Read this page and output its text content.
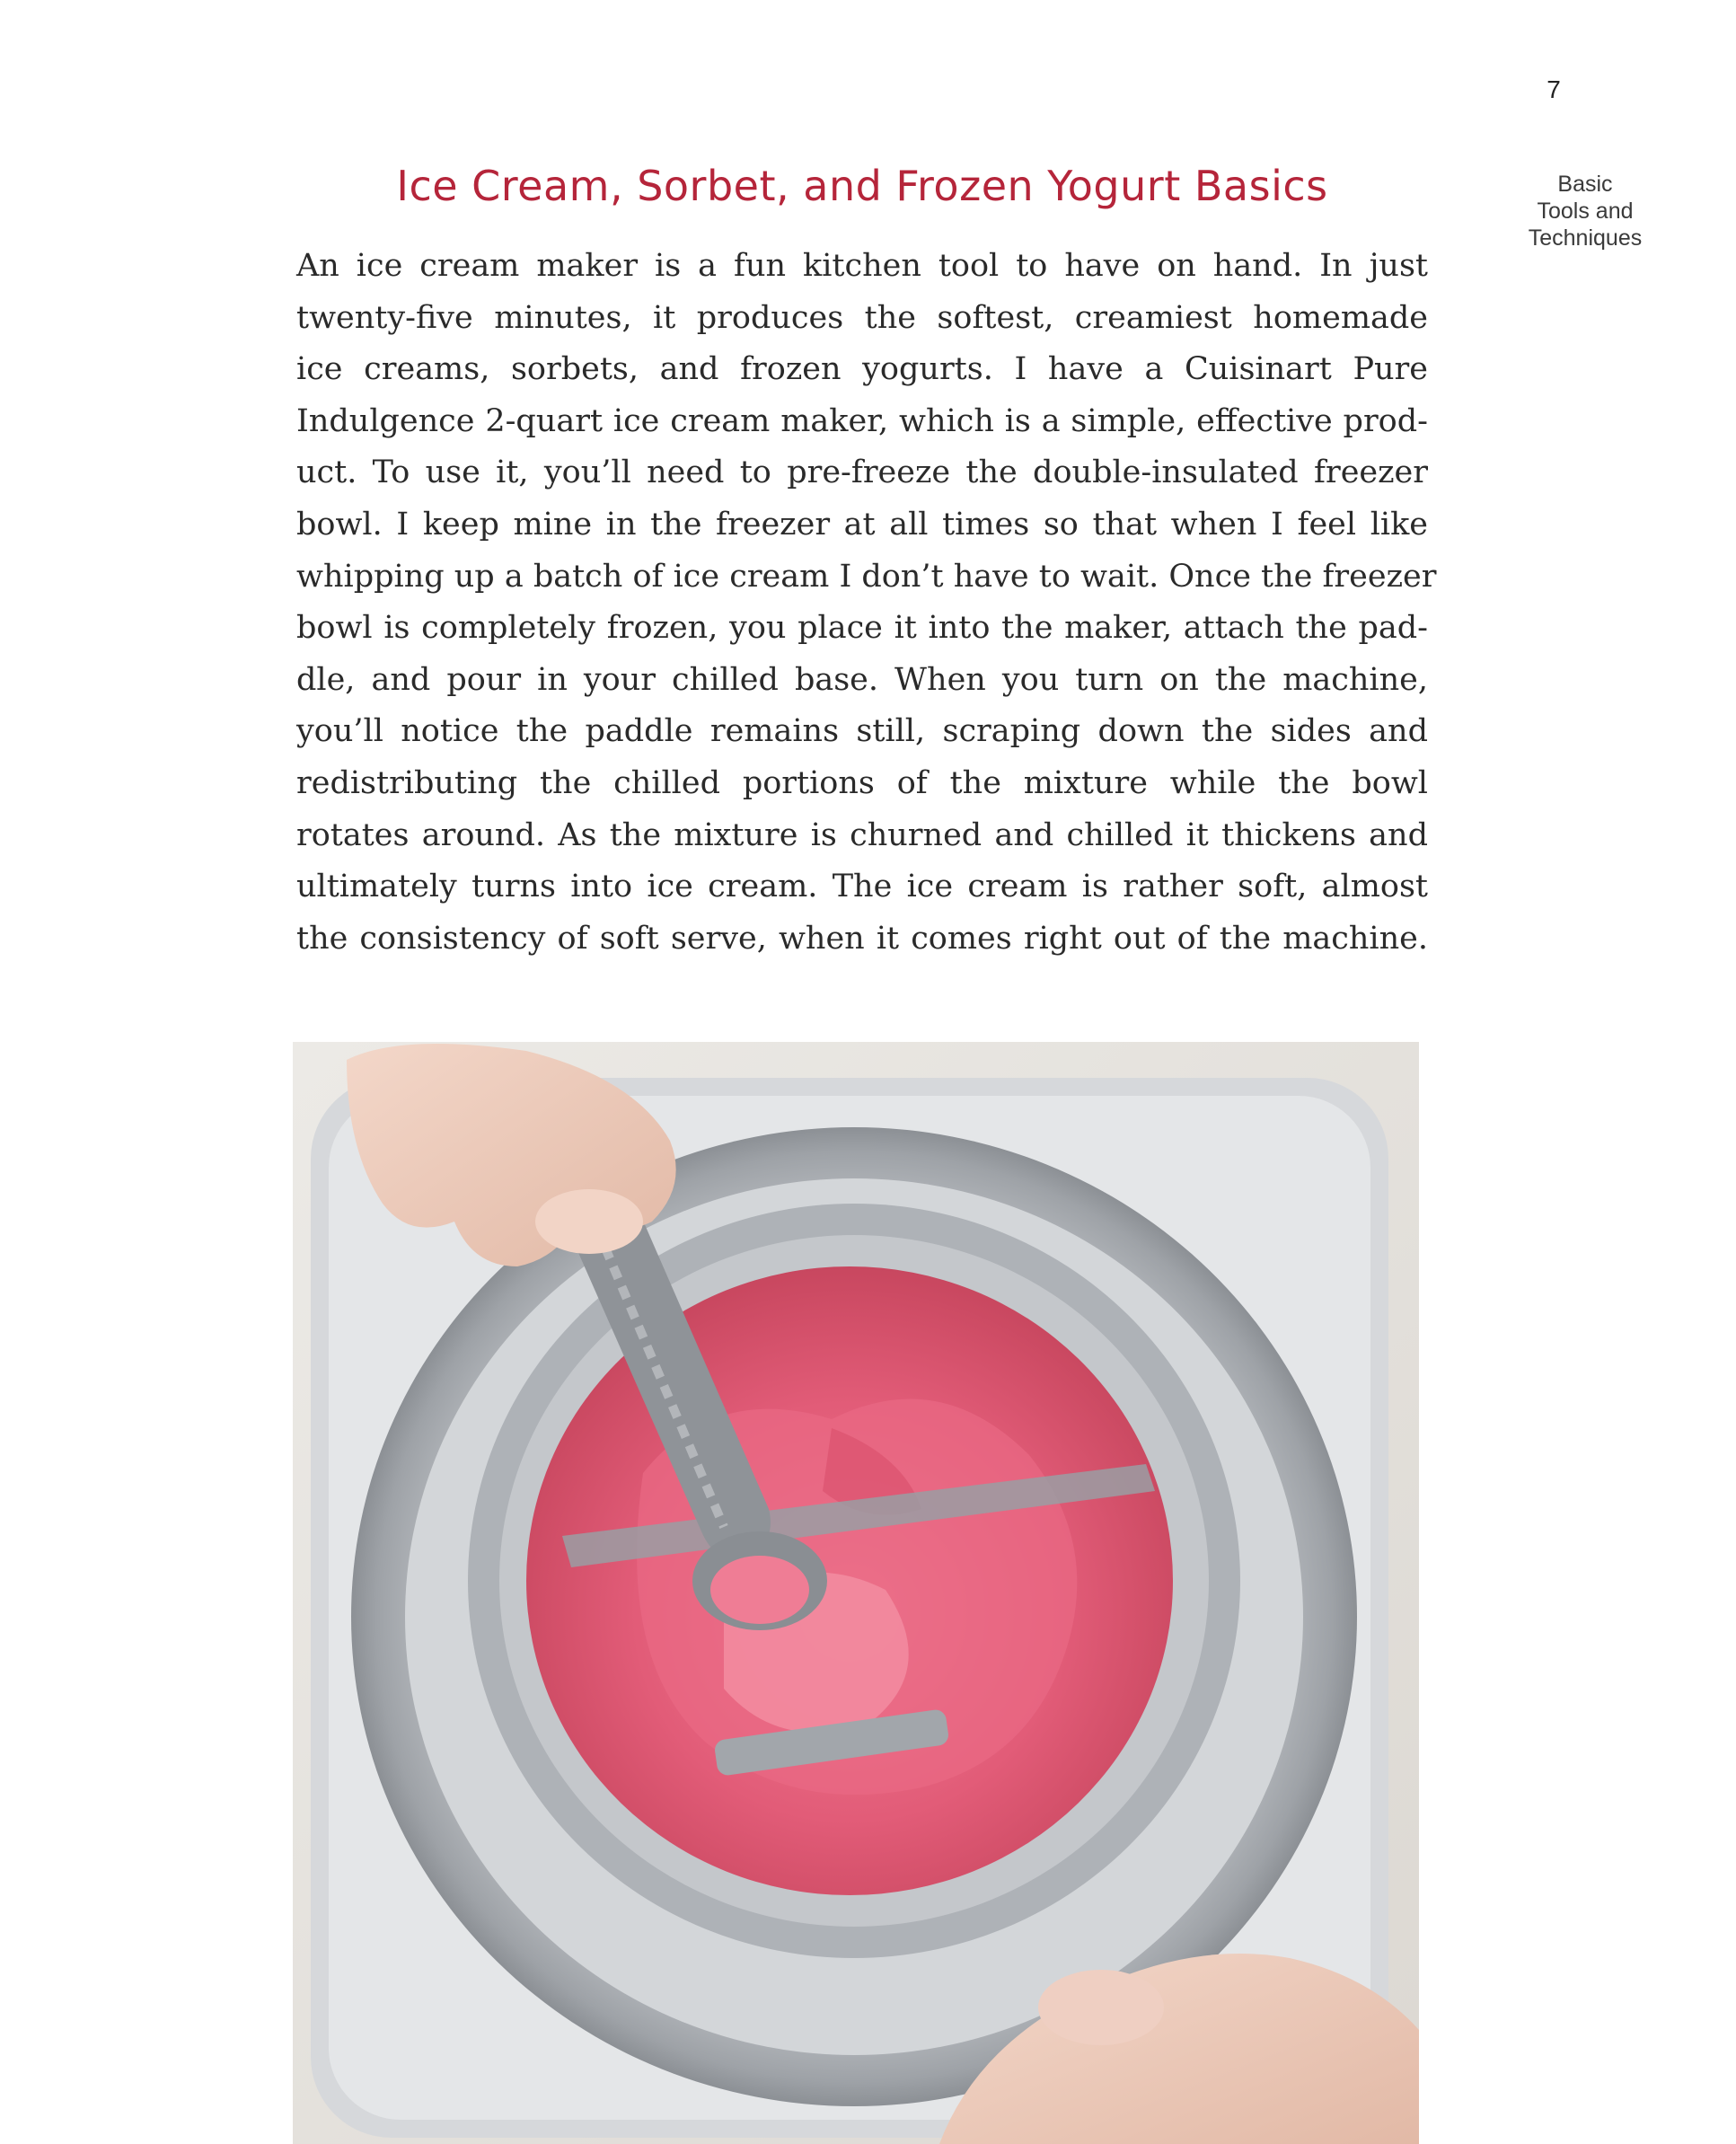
7
Basic
Tools and
Techniques
Ice Cream, Sorbet, and Frozen Yogurt Basics
An ice cream maker is a fun kitchen tool to have on hand. In just
twenty-five minutes, it produces the softest, creamiest homemade
ice creams, sorbets, and frozen yogurts. I have a Cuisinart Pure
Indulgence 2-quart ice cream maker, which is a simple, effective prod-
uct. To use it, you’ll need to pre-freeze the double-insulated freezer
bowl. I keep mine in the freezer at all times so that when I feel like
whipping up a batch of ice cream I don’t have to wait. Once the freezer
bowl is completely frozen, you place it into the maker, attach the pad-
dle, and pour in your chilled base. When you turn on the machine,
you’ll notice the paddle remains still, scraping down the sides and
redistributing the chilled portions of the mixture while the bowl
rotates around. As the mixture is churned and chilled it thickens and
ultimately turns into ice cream. The ice cream is rather soft, almost
the consistency of soft serve, when it comes right out of the machine.
